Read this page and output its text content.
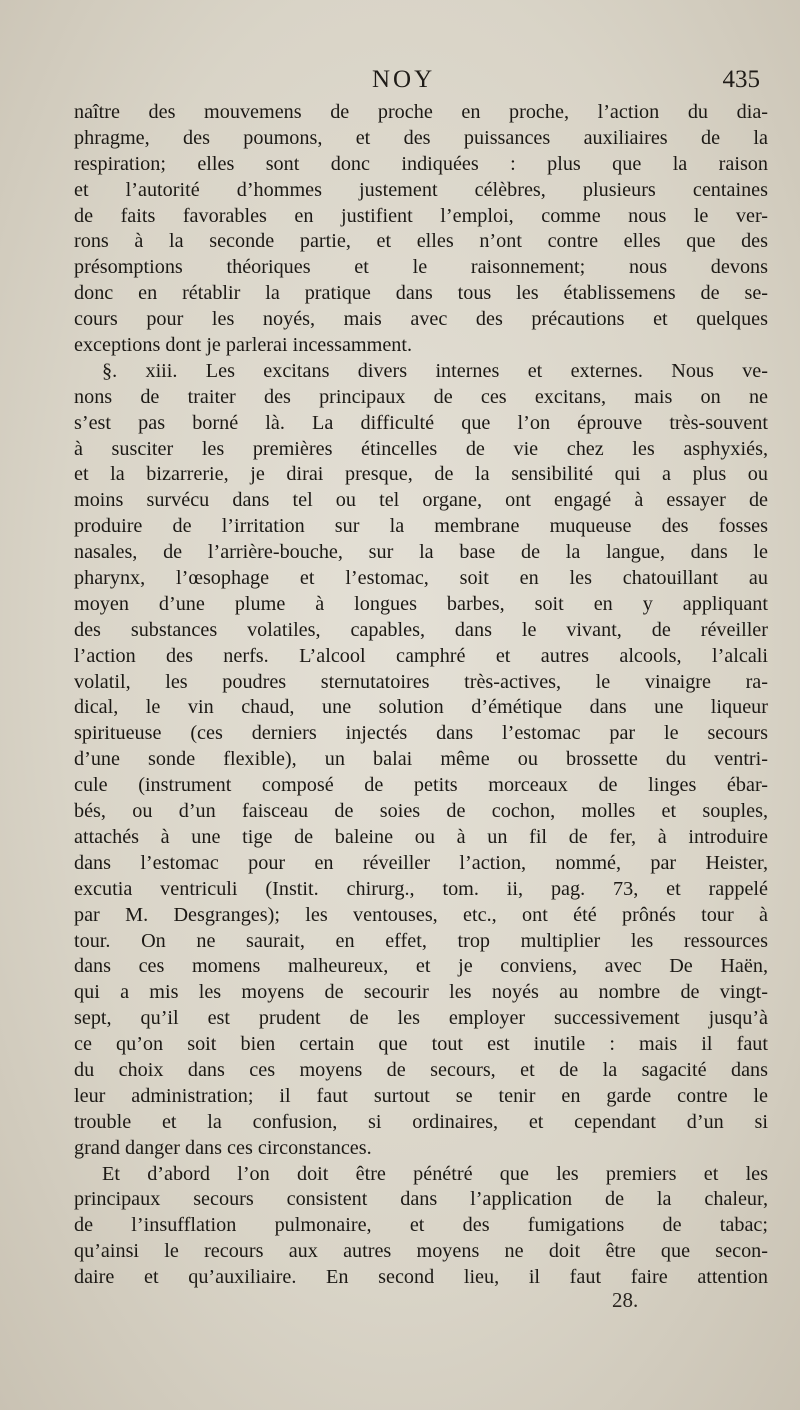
NOY	435
naître des mouvemens de proche en proche, l’action du dia-
phragme, des poumons, et des puissances auxiliaires de la
respiration; elles sont donc indiquées : plus que la raison
et l’autorité d’hommes justement célèbres, plusieurs centaines
de faits favorables en justifient l’emploi, comme nous le ver-
rons à la seconde partie, et elles n’ont contre elles que des
présomptions théoriques et le raisonnement; nous devons
donc en rétablir la pratique dans tous les établissemens de se-
cours pour les noyés, mais avec des précautions et quelques
exceptions dont je parlerai incessamment.
§. xiii. Les excitans divers internes et externes. Nous ve-
nons de traiter des principaux de ces excitans, mais on ne
s’est pas borné là. La difficulté que l’on éprouve très-souvent
à susciter les premières étincelles de vie chez les asphyxiés,
et la bizarrerie, je dirai presque, de la sensibilité qui a plus ou
moins survécu dans tel ou tel organe, ont engagé à essayer de
produire de l’irritation sur la membrane muqueuse des fosses
nasales, de l’arrière-bouche, sur la base de la langue, dans le
pharynx, l’œsophage et l’estomac, soit en les chatouillant au
moyen d’une plume à longues barbes, soit en y appliquant
des substances volatiles, capables, dans le vivant, de réveiller
l’action des nerfs. L’alcool camphré et autres alcools, l’alcali
volatil, les poudres sternutatoires très-actives, le vinaigre ra-
dical, le vin chaud, une solution d’émétique dans une liqueur
spiritueuse (ces derniers injectés dans l’estomac par le secours
d’une sonde flexible), un balai même ou brossette du ventri-
cule (instrument composé de petits morceaux de linges ébar-
bés, ou d’un faisceau de soies de cochon, molles et souples,
attachés à une tige de baleine ou à un fil de fer, à introduire
dans l’estomac pour en réveiller l’action, nommé, par Heister,
excutia ventriculi (Instit. chirurg., tom. ii, pag. 73, et rappelé
par M. Desgranges); les ventouses, etc., ont été prônés tour à
tour. On ne saurait, en effet, trop multiplier les ressources
dans ces momens malheureux, et je conviens, avec De Haën,
qui a mis les moyens de secourir les noyés au nombre de vingt-
sept, qu’il est prudent de les employer successivement jusqu’à
ce qu’on soit bien certain que tout est inutile : mais il faut
du choix dans ces moyens de secours, et de la sagacité dans
leur administration; il faut surtout se tenir en garde contre le
trouble et la confusion, si ordinaires, et cependant d’un si
grand danger dans ces circonstances.
Et d’abord l’on doit être pénétré que les premiers et les
principaux secours consistent dans l’application de la chaleur,
de l’insufflation pulmonaire, et des fumigations de tabac;
qu’ainsi le recours aux autres moyens ne doit être que secon-
daire et qu’auxiliaire. En second lieu, il faut faire attention
28.
